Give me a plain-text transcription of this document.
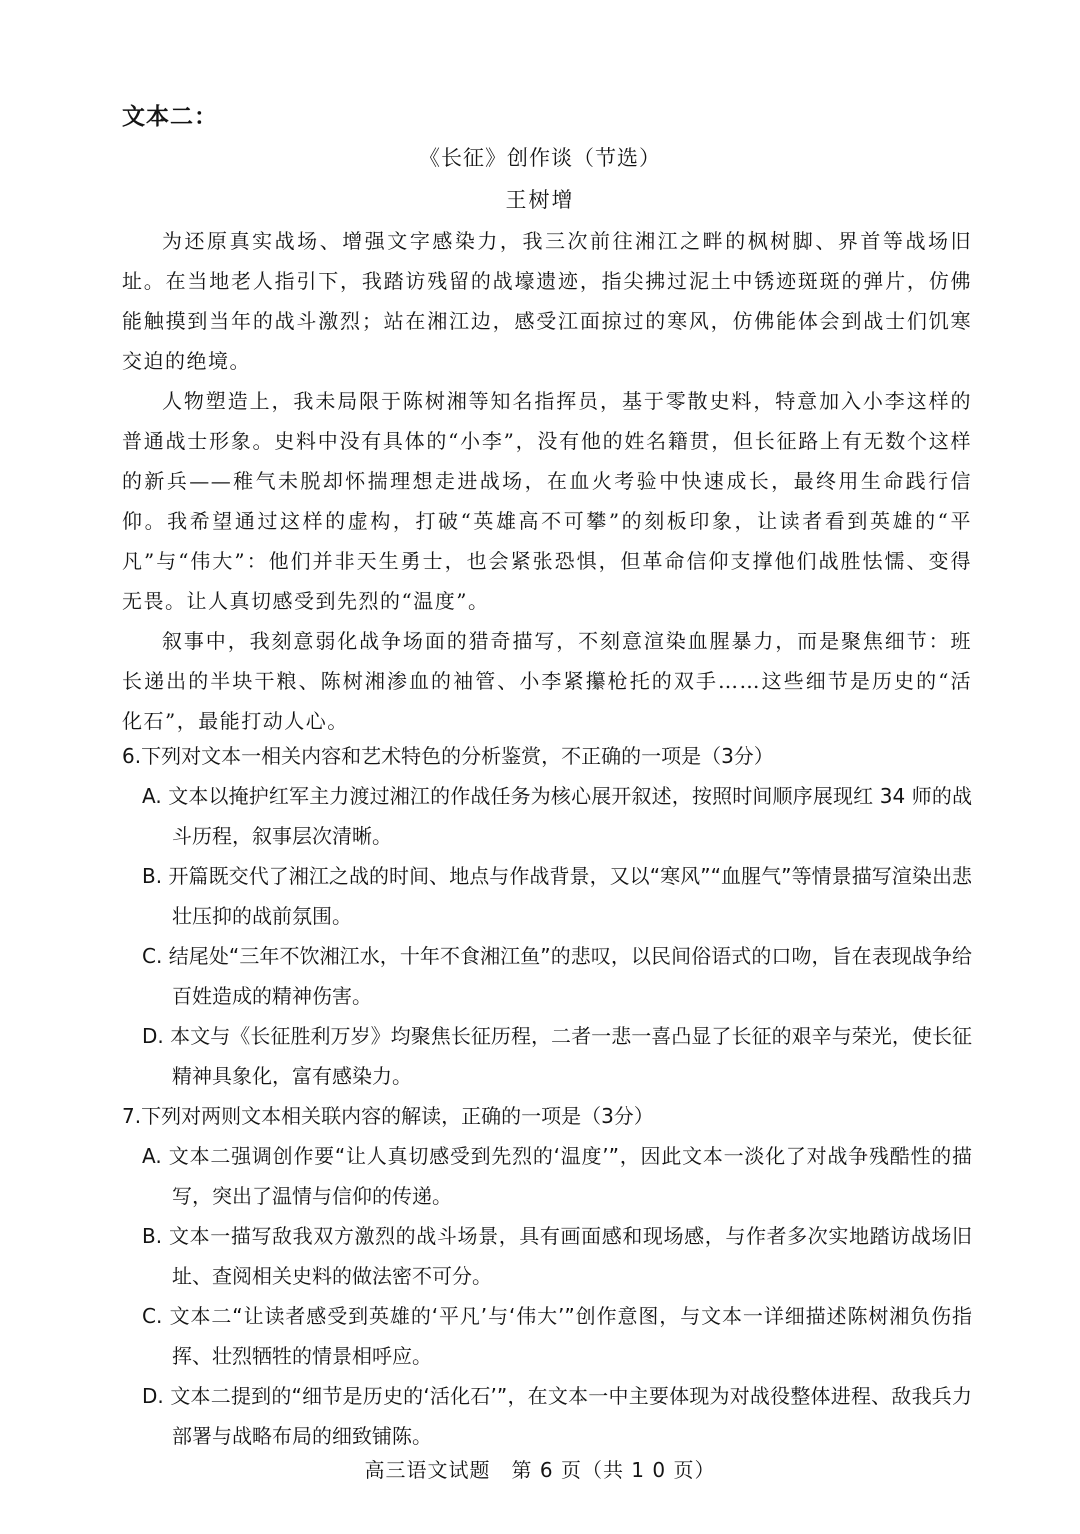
文本二：
《长征》创作谈（节选）
王树增

为还原真实战场、增强文字感染力，我三次前往湘江之畔的枫树脚、界首等战场旧址。在当地老人指引下，我踏访残留的战壕遗迹，指尖拂过泥土中锈迹斑斑的弹片，仿佛能触摸到当年的战斗激烈；站在湘江边，感受江面掠过的寒风，仿佛能体会到战士们饥寒交迫的绝境。

人物塑造上，我未局限于陈树湘等知名指挥员，基于零散史料，特意加入小李这样的普通战士形象。史料中没有具体的“小李”，没有他的姓名籍贯，但长征路上有无数个这样的新兵——稚气未脱却怀揣理想走进战场，在血火考验中快速成长，最终用生命践行信仰。我希望通过这样的虚构，打破“英雄高不可攀”的刻板印象，让读者看到英雄的“平凡”与“伟大”：他们并非天生勇士，也会紧张恐惧，但革命信仰支撑他们战胜怯懦、变得无畏。让人真切感受到先烈的“温度”。

叙事中，我刻意弱化战争场面的猎奇描写，不刻意渲染血腥暴力，而是聚焦细节：班长递出的半块干粮、陈树湘渗血的袖管、小李紧攥枪托的双手……这些细节是历史的“活化石”，最能打动人心。

6.下列对文本一相关内容和艺术特色的分析鉴赏，不正确的一项是（3分）

A. 文本以掩护红军主力渡过湘江的作战任务为核心展开叙述，按照时间顺序展现红 34 师的战斗历程，叙事层次清晰。

B. 开篇既交代了湘江之战的时间、地点与作战背景，又以“寒风”“血腥气”等情景描写渲染出悲壮压抑的战前氛围。

C. 结尾处“三年不饮湘江水，十年不食湘江鱼”的悲叹，以民间俗语式的口吻，旨在表现战争给百姓造成的精神伤害。

D. 本文与《长征胜利万岁》均聚焦长征历程，二者一悲一喜凸显了长征的艰辛与荣光，使长征精神具象化，富有感染力。

7.下列对两则文本相关联内容的解读，正确的一项是（3分）

A. 文本二强调创作要“让人真切感受到先烈的‘温度’”，因此文本一淡化了对战争残酷性的描写，突出了温情与信仰的传递。

B. 文本一描写敌我双方激烈的战斗场景，具有画面感和现场感，与作者多次实地踏访战场旧址、查阅相关史料的做法密不可分。

C. 文本二“让读者感受到英雄的‘平凡’与‘伟大’”创作意图，与文本一详细描述陈树湘负伤指挥、壮烈牺牲的情景相呼应。

D. 文本二提到的“细节是历史的‘活化石’”，在文本一中主要体现为对战役整体进程、敌我兵力部署与战略布局的细致铺陈。

高三语文试题　第 6 页（共 1 0 页）
